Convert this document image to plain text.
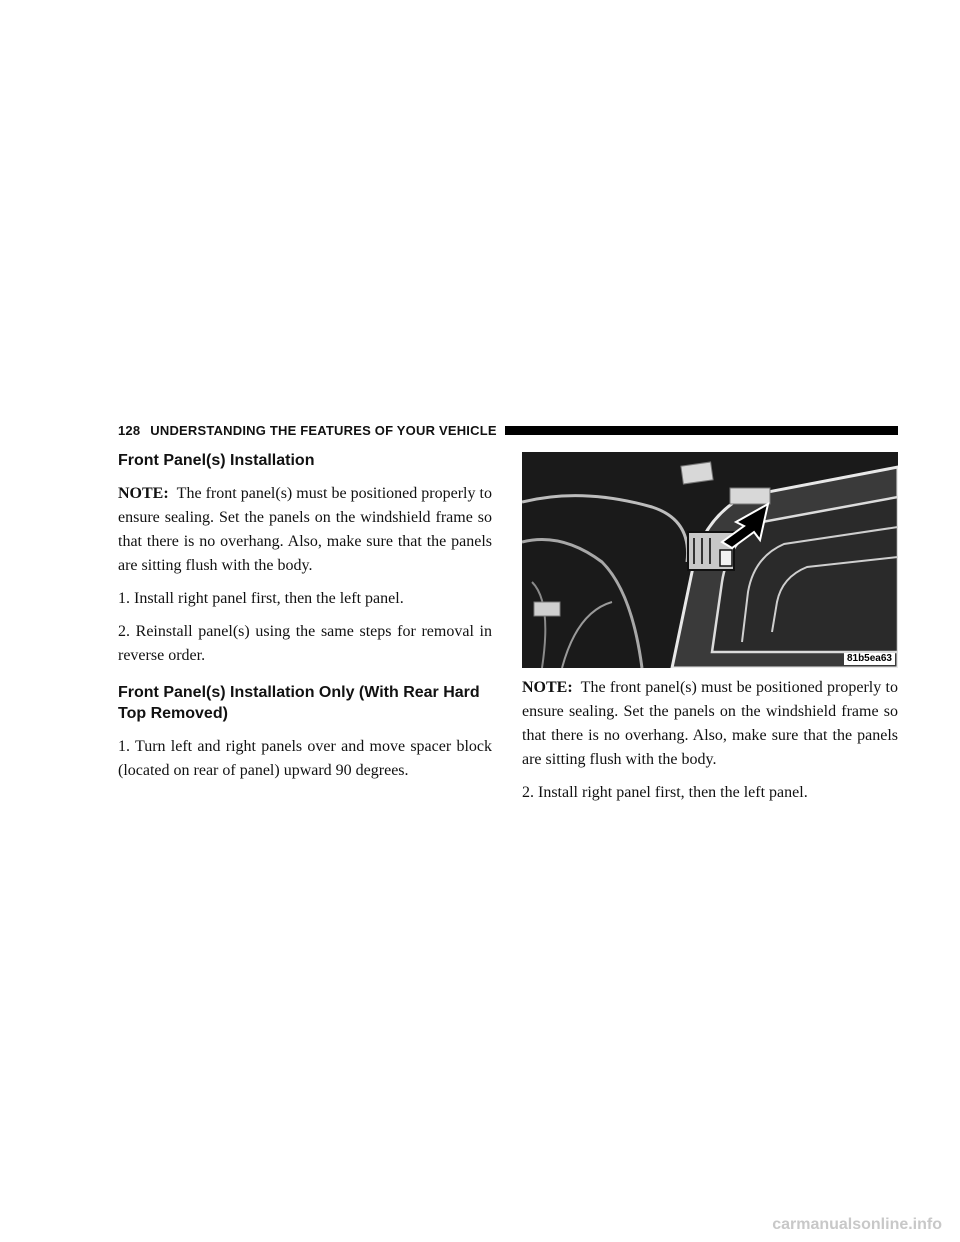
128 UNDERSTANDING THE FEATURES OF YOUR VEHICLE
Front Panel(s) Installation

NOTE: The front panel(s) must be positioned properly to ensure sealing. Set the panels on the windshield frame so that there is no overhang. Also, make sure that the panels are sitting flush with the body.

1. Install right panel first, then the left panel.

2. Reinstall panel(s) using the same steps for removal in reverse order.

Front Panel(s) Installation Only (With Rear Hard Top Removed)

1. Turn left and right panels over and move spacer block (located on rear of panel) upward 90 degrees.

81b5ea63

NOTE: The front panel(s) must be positioned properly to ensure sealing. Set the panels on the windshield frame so that there is no overhang. Also, make sure that the panels are sitting flush with the body.

2. Install right panel first, then the left panel.

carmanualsonline.info
